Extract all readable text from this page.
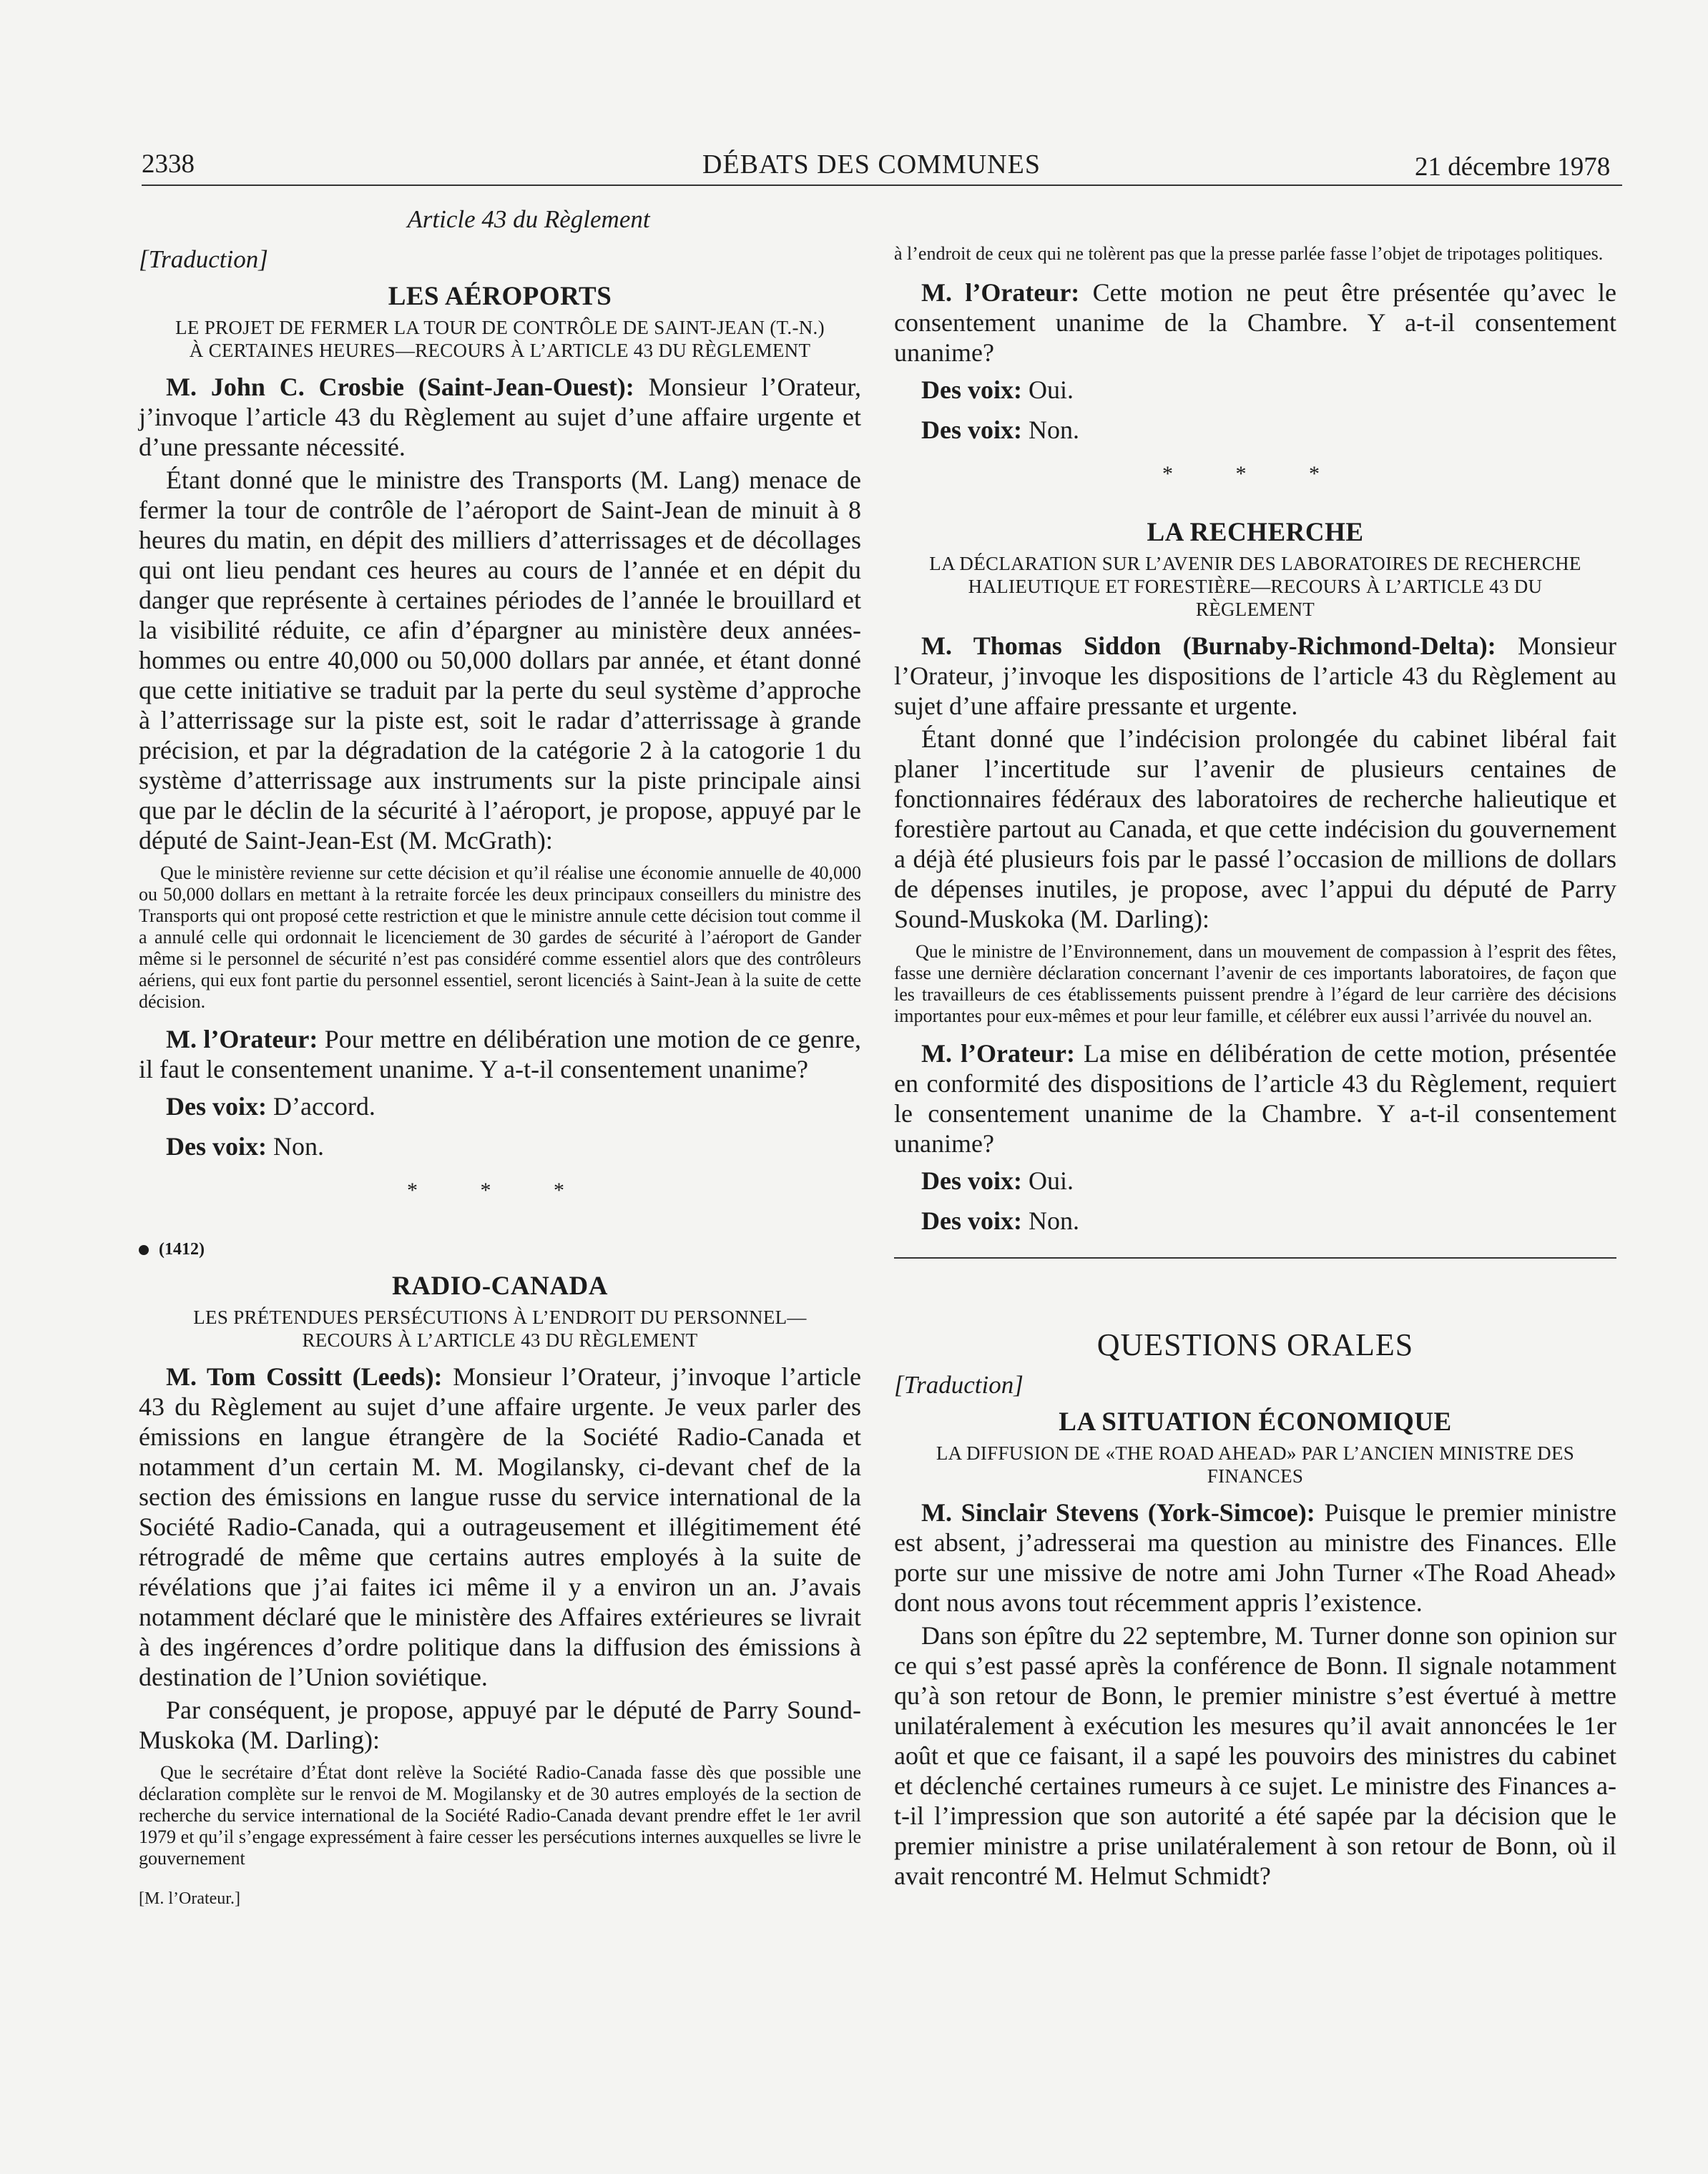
2338	DÉBATS DES COMMUNES	21 décembre 1978
Article 43 du Règlement
[Traduction]
LES AÉROPORTS
LE PROJET DE FERMER LA TOUR DE CONTRÔLE DE SAINT-JEAN (T.-N.) À CERTAINES HEURES—RECOURS À L’ARTICLE 43 DU RÈGLEMENT

M. John C. Crosbie (Saint-Jean-Ouest): Monsieur l’Orateur, j’invoque l’article 43 du Règlement au sujet d’une affaire urgente et d’une pressante nécessité.

Étant donné que le ministre des Transports (M. Lang) menace de fermer la tour de contrôle de l’aéroport de Saint-Jean de minuit à 8 heures du matin, en dépit des milliers d’atterrissages et de décollages qui ont lieu pendant ces heures au cours de l’année et en dépit du danger que représente à certaines périodes de l’année le brouillard et la visibilité réduite, ce afin d’épargner au ministère deux années-hommes ou entre 40,000 ou 50,000 dollars par année, et étant donné que cette initiative se traduit par la perte du seul système d’approche à l’atterrissage sur la piste est, soit le radar d’atterrissage à grande précision, et par la dégradation de la catégorie 2 à la catogorie 1 du système d’atterrissage aux instruments sur la piste principale ainsi que par le déclin de la sécurité à l’aéroport, je propose, appuyé par le député de Saint-Jean-Est (M. McGrath):

Que le ministère revienne sur cette décision et qu’il réalise une économie annuelle de 40,000 ou 50,000 dollars en mettant à la retraite forcée les deux principaux conseillers du ministre des Transports qui ont proposé cette restriction et que le ministre annule cette décision tout comme il a annulé celle qui ordonnait le licenciement de 30 gardes de sécurité à l’aéroport de Gander même si le personnel de sécurité n’est pas considéré comme essentiel alors que des contrôleurs aériens, qui eux font partie du personnel essentiel, seront licenciés à Saint-Jean à la suite de cette décision.

M. l’Orateur: Pour mettre en délibération une motion de ce genre, il faut le consentement unanime. Y a-t-il consentement unanime?

Des voix: D’accord.

Des voix: Non.

* * *
(1412)
RADIO-CANADA
LES PRÉTENDUES PERSÉCUTIONS À L’ENDROIT DU PERSONNEL—RECOURS À L’ARTICLE 43 DU RÈGLEMENT

M. Tom Cossitt (Leeds): Monsieur l’Orateur, j’invoque l’article 43 du Règlement au sujet d’une affaire urgente. Je veux parler des émissions en langue étrangère de la Société Radio-Canada et notamment d’un certain M. M. Mogilansky, ci-devant chef de la section des émissions en langue russe du service international de la Société Radio-Canada, qui a outrageusement et illégitimement été rétrogradé de même que certains autres employés à la suite de révélations que j’ai faites ici même il y a environ un an. J’avais notamment déclaré que le ministère des Affaires extérieures se livrait à des ingérences d’ordre politique dans la diffusion des émissions à destination de l’Union soviétique.

Par conséquent, je propose, appuyé par le député de Parry Sound-Muskoka (M. Darling):

Que le secrétaire d’État dont relève la Société Radio-Canada fasse dès que possible une déclaration complète sur le renvoi de M. Mogilansky et de 30 autres employés de la section de recherche du service international de la Société Radio-Canada devant prendre effet le 1er avril 1979 et qu’il s’engage expressément à faire cesser les persécutions internes auxquelles se livre le gouvernement

[M. l’Orateur.]

à l’endroit de ceux qui ne tolèrent pas que la presse parlée fasse l’objet de tripotages politiques.

M. l’Orateur: Cette motion ne peut être présentée qu’avec le consentement unanime de la Chambre. Y a-t-il consentement unanime?

Des voix: Oui.

Des voix: Non.

* * *
LA RECHERCHE
LA DÉCLARATION SUR L’AVENIR DES LABORATOIRES DE RECHERCHE HALIEUTIQUE ET FORESTIÈRE—RECOURS À L’ARTICLE 43 DU RÈGLEMENT

M. Thomas Siddon (Burnaby-Richmond-Delta): Monsieur l’Orateur, j’invoque les dispositions de l’article 43 du Règlement au sujet d’une affaire pressante et urgente.

Étant donné que l’indécision prolongée du cabinet libéral fait planer l’incertitude sur l’avenir de plusieurs centaines de fonctionnaires fédéraux des laboratoires de recherche halieutique et forestière partout au Canada, et que cette indécision du gouvernement a déjà été plusieurs fois par le passé l’occasion de millions de dollars de dépenses inutiles, je propose, avec l’appui du député de Parry Sound-Muskoka (M. Darling):

Que le ministre de l’Environnement, dans un mouvement de compassion à l’esprit des fêtes, fasse une dernière déclaration concernant l’avenir de ces importants laboratoires, de façon que les travailleurs de ces établissements puissent prendre à l’égard de leur carrière des décisions importantes pour eux-mêmes et pour leur famille, et célébrer eux aussi l’arrivée du nouvel an.

M. l’Orateur: La mise en délibération de cette motion, présentée en conformité des dispositions de l’article 43 du Règlement, requiert le consentement unanime de la Chambre. Y a-t-il consentement unanime?

Des voix: Oui.

Des voix: Non.

QUESTIONS ORALES
[Traduction]
LA SITUATION ÉCONOMIQUE
LA DIFFUSION DE «THE ROAD AHEAD» PAR L’ANCIEN MINISTRE DES FINANCES

M. Sinclair Stevens (York-Simcoe): Puisque le premier ministre est absent, j’adresserai ma question au ministre des Finances. Elle porte sur une missive de notre ami John Turner «The Road Ahead» dont nous avons tout récemment appris l’existence.

Dans son épître du 22 septembre, M. Turner donne son opinion sur ce qui s’est passé après la conférence de Bonn. Il signale notamment qu’à son retour de Bonn, le premier ministre s’est évertué à mettre unilatéralement à exécution les mesures qu’il avait annoncées le 1er août et que ce faisant, il a sapé les pouvoirs des ministres du cabinet et déclenché certaines rumeurs à ce sujet. Le ministre des Finances a-t-il l’impression que son autorité a été sapée par la décision que le premier ministre a prise unilatéralement à son retour de Bonn, où il avait rencontré M. Helmut Schmidt?
